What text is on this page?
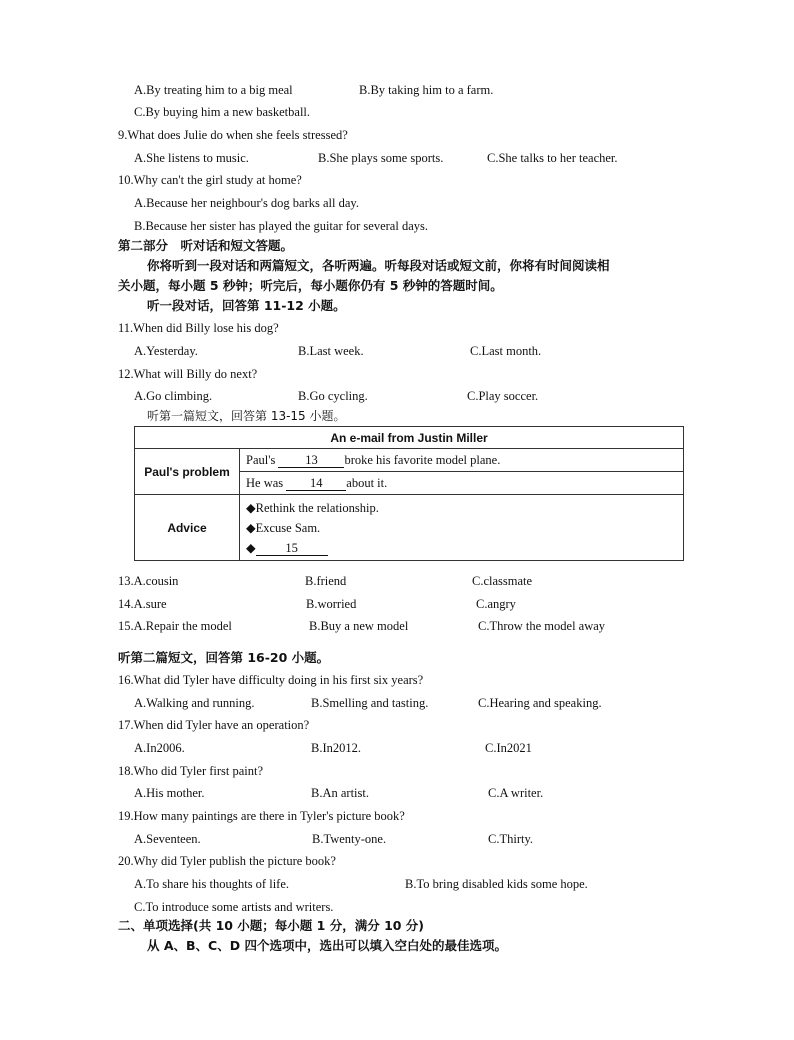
A.By treating him to a big meal	B.By taking him to a farm.
C.By buying him a new basketball.
9.What does Julie do when she feels stressed?
A.She listens to music.	B.She plays some sports.	C.She talks to her teacher.
10.Why can't the girl study at home?
A.Because her neighbour's dog barks all day.
B.Because her sister has played the guitar for several days.
第二部分　听对话和短文答题。
你将听到一段对话和两篇短文，各听两遍。听每段对话或短文前，你将有时间阅读相
关小题，每小题 5 秒钟；听完后，每小题你仍有 5 秒钟的答题时间。
听一段对话，回答第 11-12 小题。
11.When did Billy lose his dog?
A.Yesterday.	B.Last week.	C.Last month.
12.What will Billy do next?
A.Go climbing.	B.Go cycling.	C.Play soccer.
听第一篇短文，回答第 13-15 小题。
An e-mail from Justin Miller	
Paul's problem	Paul's 13 broke his favorite model plane.
He was 14 about it.

Advice	◆Rethink the relationship.
◆Excuse Sam.
◆ 15
13.A.cousin	B.friend	C.classmate
14.A.sure	B.worried	C.angry
15.A.Repair the model	B.Buy a new model	C.Throw the model away
听第二篇短文，回答第 16-20 小题。
16.What did Tyler have difficulty doing in his first six years?
A.Walking and running.	B.Smelling and tasting.	C.Hearing and speaking.
17.When did Tyler have an operation?
A.In2006.	B.In2012.	C.In2021
18.Who did Tyler first paint?
A.His mother.	B.An artist.	C.A writer.
19.How many paintings are there in Tyler's picture book?
A.Seventeen.	B.Twenty-one.	C.Thirty.
20.Why did Tyler publish the picture book?
A.To share his thoughts of life.	B.To bring disabled kids some hope.
C.To introduce some artists and writers.
二、单项选择(共 10 小题；每小题 1 分，满分 10 分)
从 A、B、C、D 四个选项中，选出可以填入空白处的最佳选项。
